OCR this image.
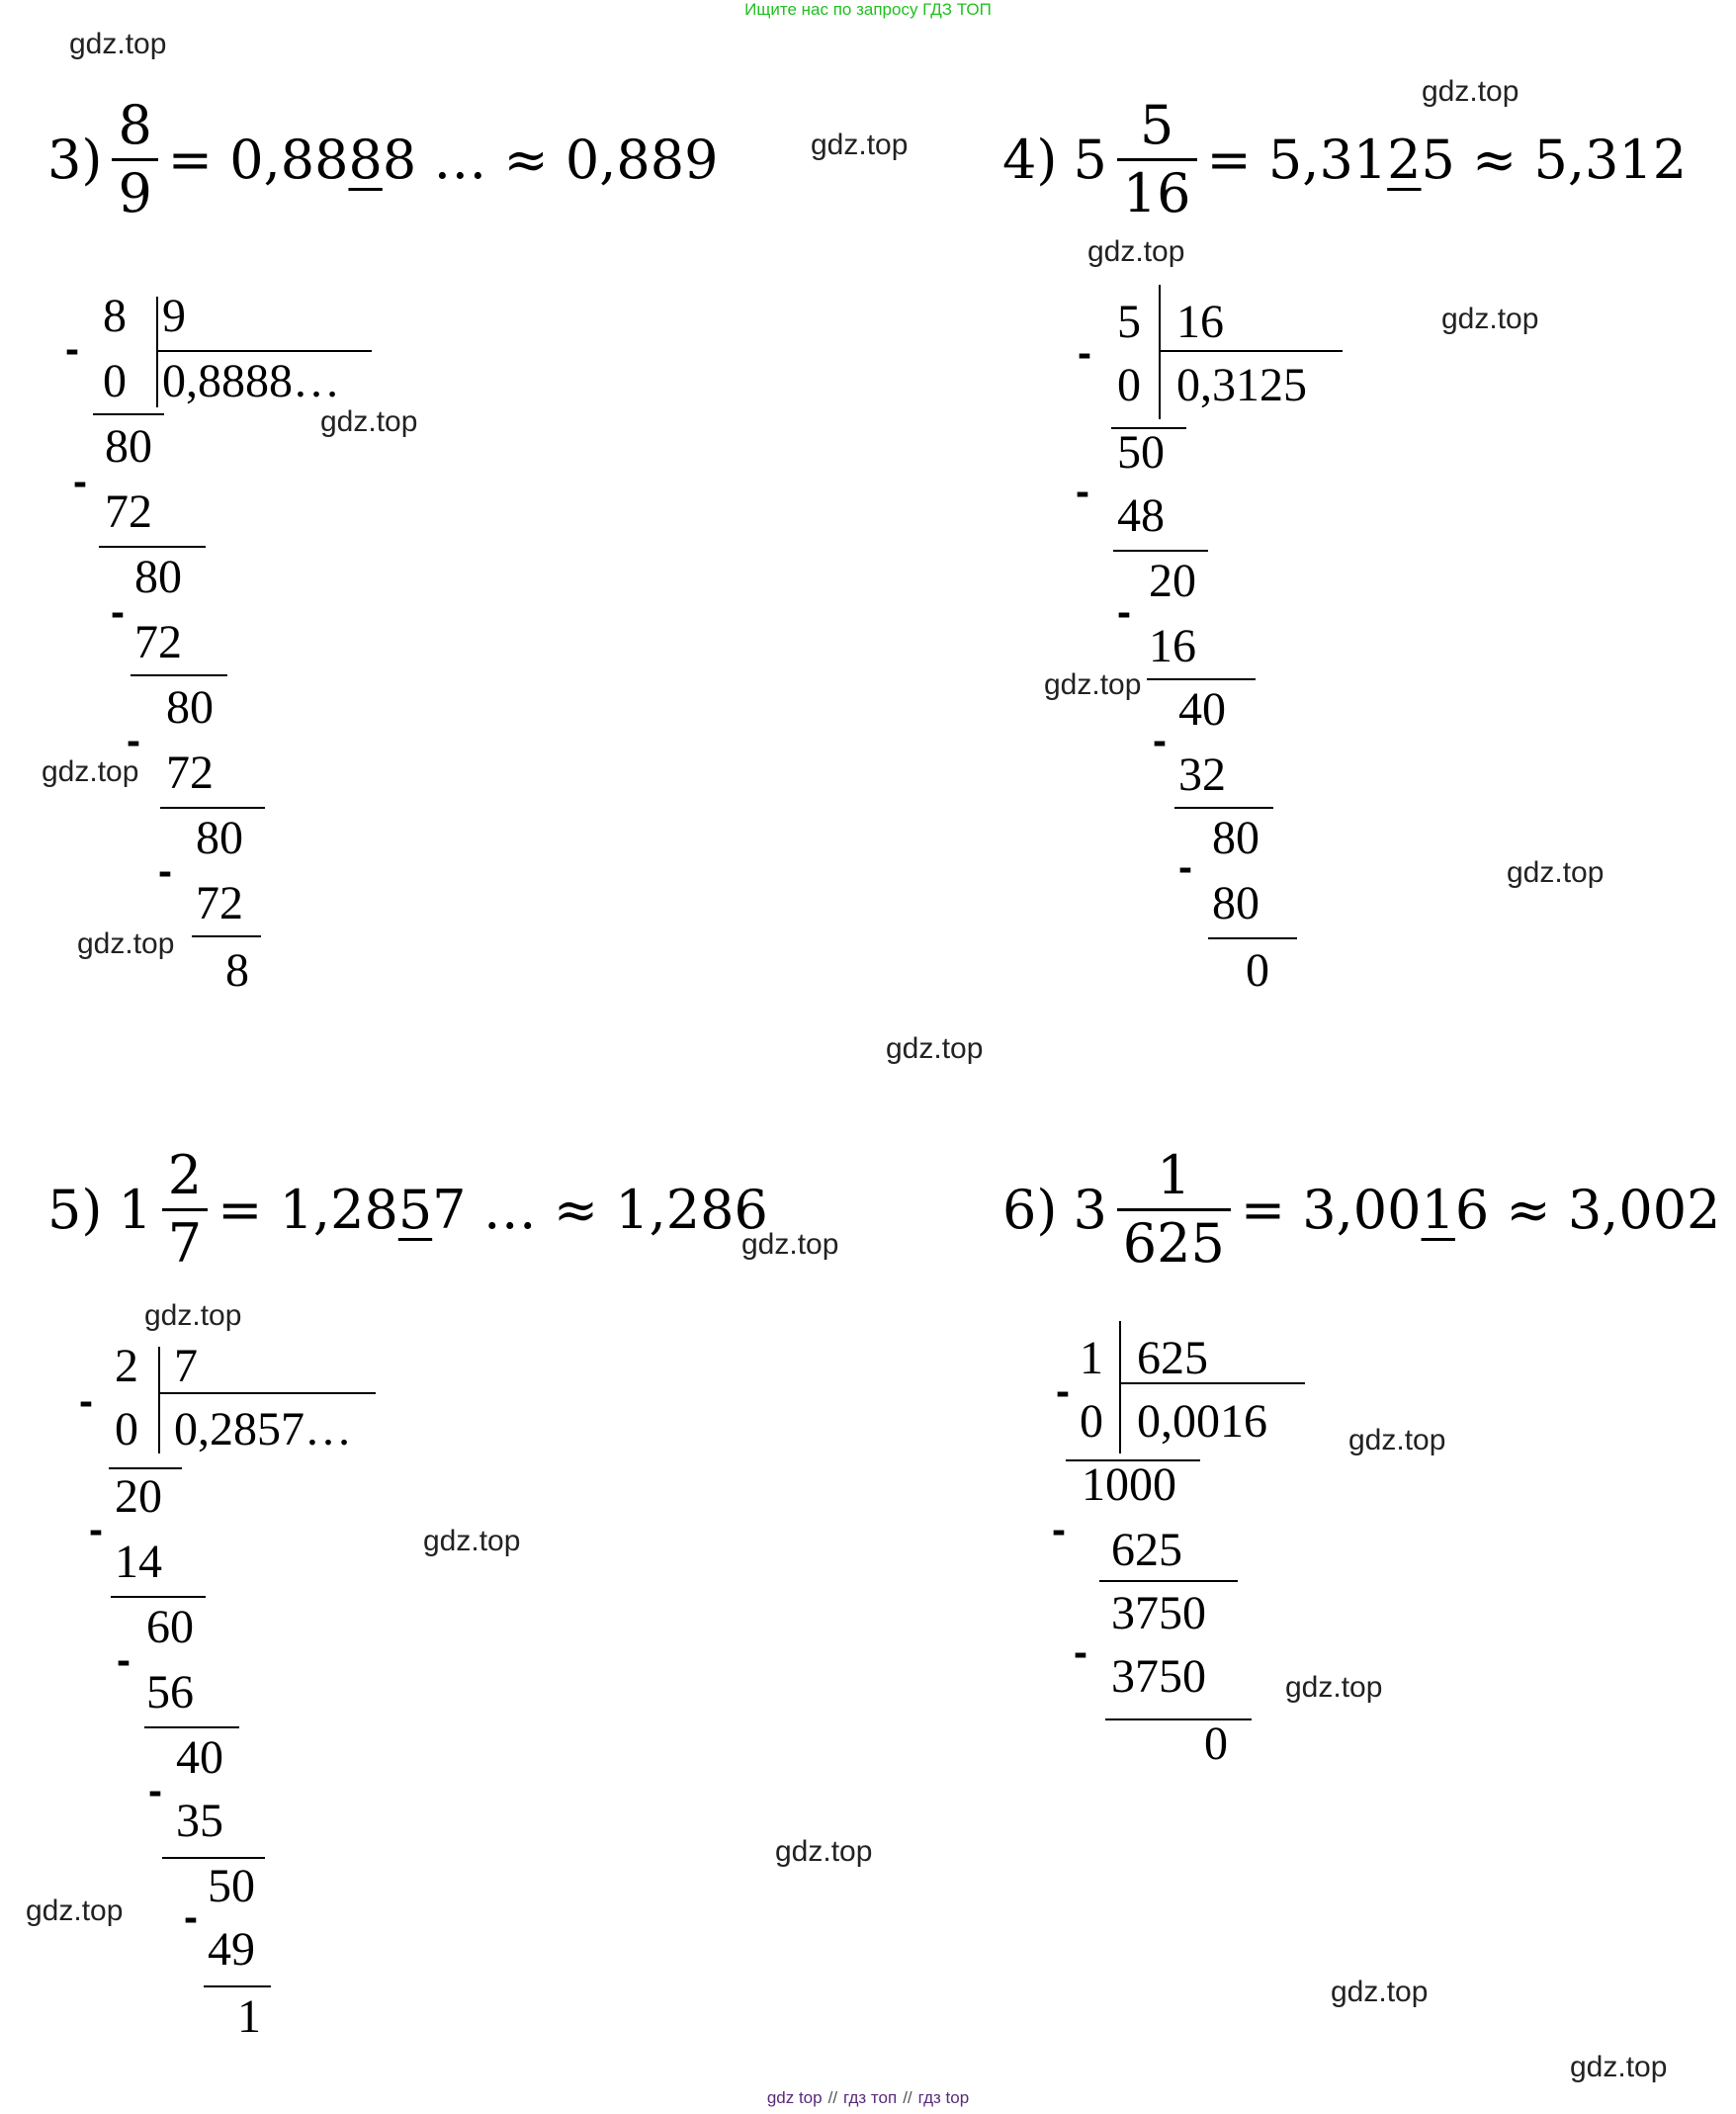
Ищите нас по запросу ГДЗ ТОП
$3) \frac{8}{9} = 0,88$ 8 8 … ≈ 0,889
-
8 9
0 0,8888…
-
80
72
-
80
72
-
80
72
-
80
72
8
4) $5 \frac{5}{16} = 5,31$ 2 5 ≈ 5,312
-
5 16
0 0,3125
-
50
48
-
20
16
-
40
32
-
80
80
0
5) $1 \frac{2}{7} = 1,28$ 5 7 … ≈ 1,286
-
2 7
0 0,2857…
-
20
14
-
60
56
-
40
35
-
50
49
1
6) $3 \frac{1}{625} = 3,00$ 1 6 ≈ 3,002
-
1 625
0 0,0016
-
1000
625
-
3750
3750
0
gdz.top
gdz.top
gdz.top
gdz.top
gdz.top
gdz.top
gdz.top
gdz.top
gdz.top
gdz.top
gdz.top
gdz.top
gdz.top
gdz.top
gdz.top
gdz.top
gdz.top
gdz.top
gdz.top
gdz.top
gdz top // гдз топ // гдз top
